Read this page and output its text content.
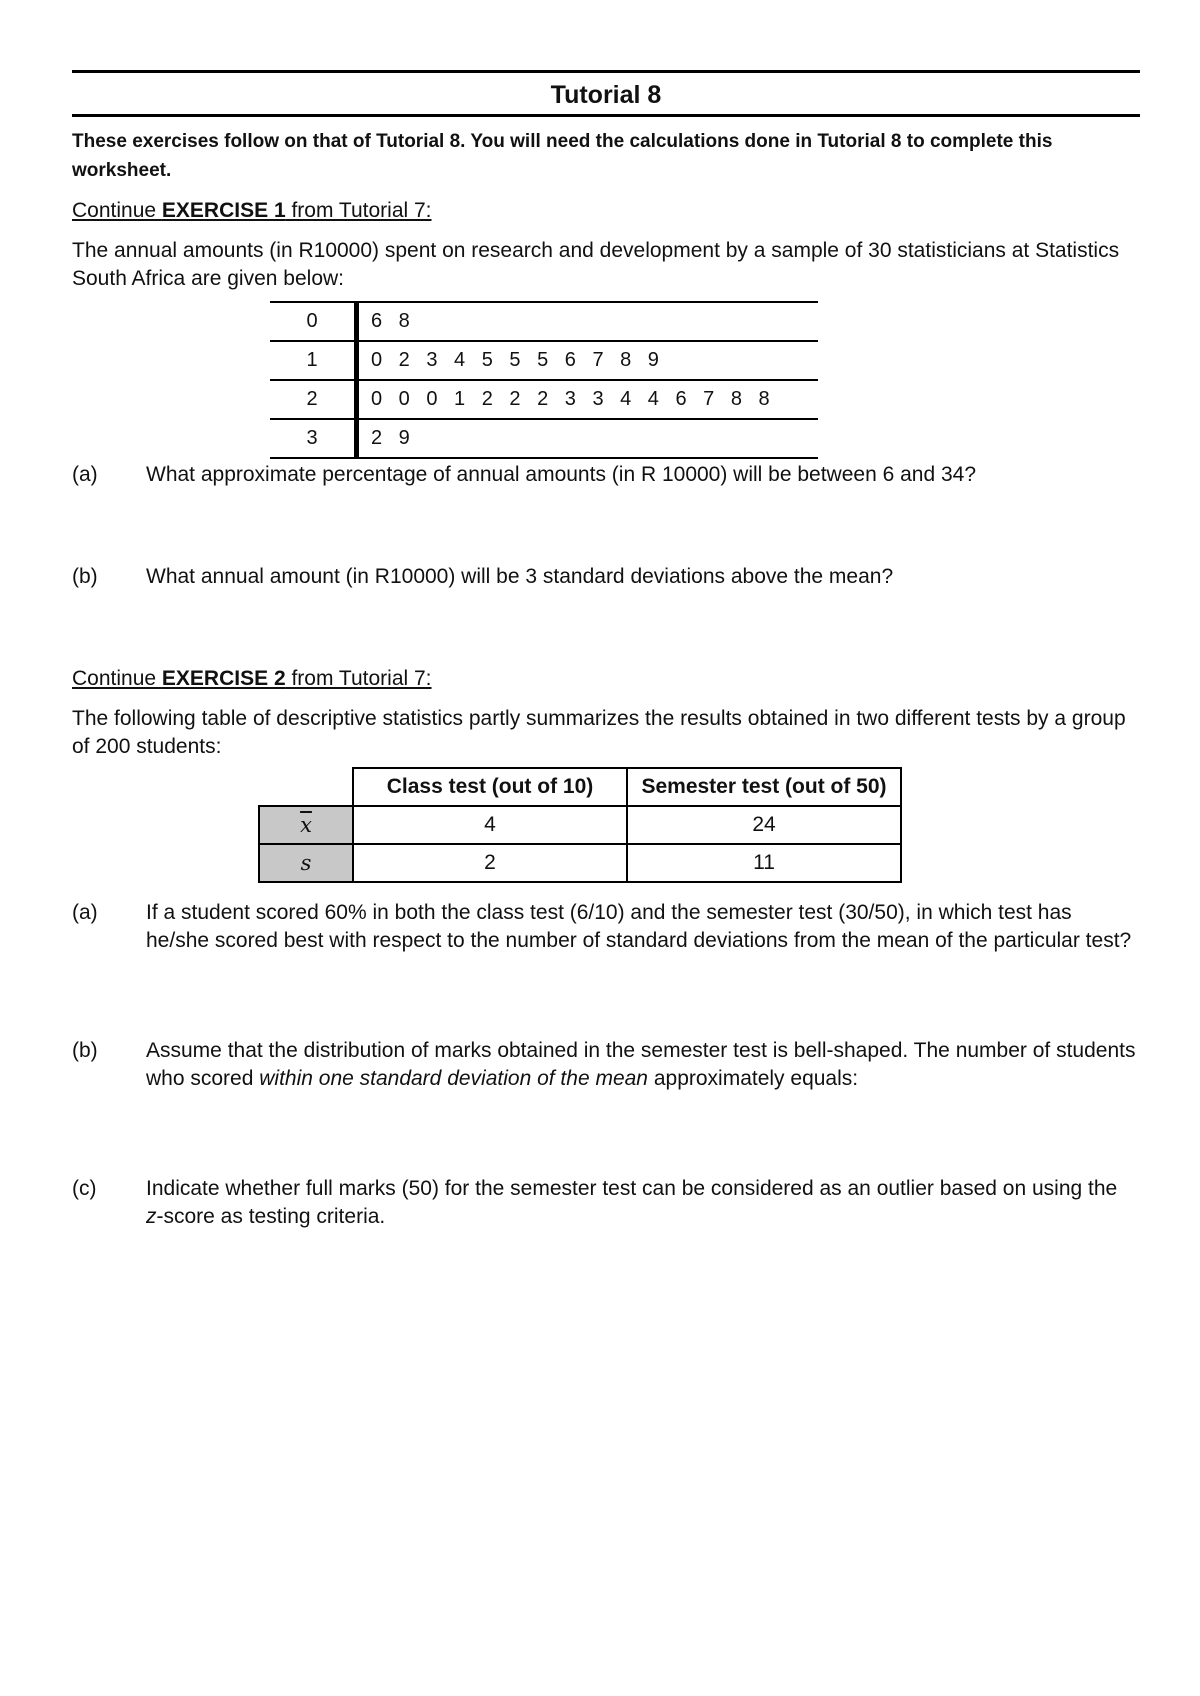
Tutorial 8
These exercises follow on that of Tutorial 8. You will need the calculations done in Tutorial 8 to complete this worksheet.
Continue EXERCISE 1 from Tutorial 7:
The annual amounts (in R10000) spent on research and development by a sample of 30 statisticians at Statistics South Africa are given below:
0	6 8
1	0 2 3 4 5 5 5 6 7 8 9
2	0 0 0 1 2 2 2 3 3 4 4 6 7 8 8
3	2 9
(a) What approximate percentage of annual amounts (in R 10000) will be between 6 and 34?
(b) What annual amount (in R10000) will be 3 standard deviations above the mean?
Continue EXERCISE 2 from Tutorial 7:
The following table of descriptive statistics partly summarizes the results obtained in two different tests by a group of 200 students:
	Class test (out of 10)	Semester test (out of 50)
$\overline{x}$	4	24
s	2	11
(a) If a student scored 60% in both the class test (6/10) and the semester test (30/50), in which test has he/she scored best with respect to the number of standard deviations from the mean of the particular test?
(b) Assume that the distribution of marks obtained in the semester test is bell-shaped. The number of students who scored within one standard deviation of the mean approximately equals:
(c) Indicate whether full marks (50) for the semester test can be considered as an outlier based on using the z-score as testing criteria.
